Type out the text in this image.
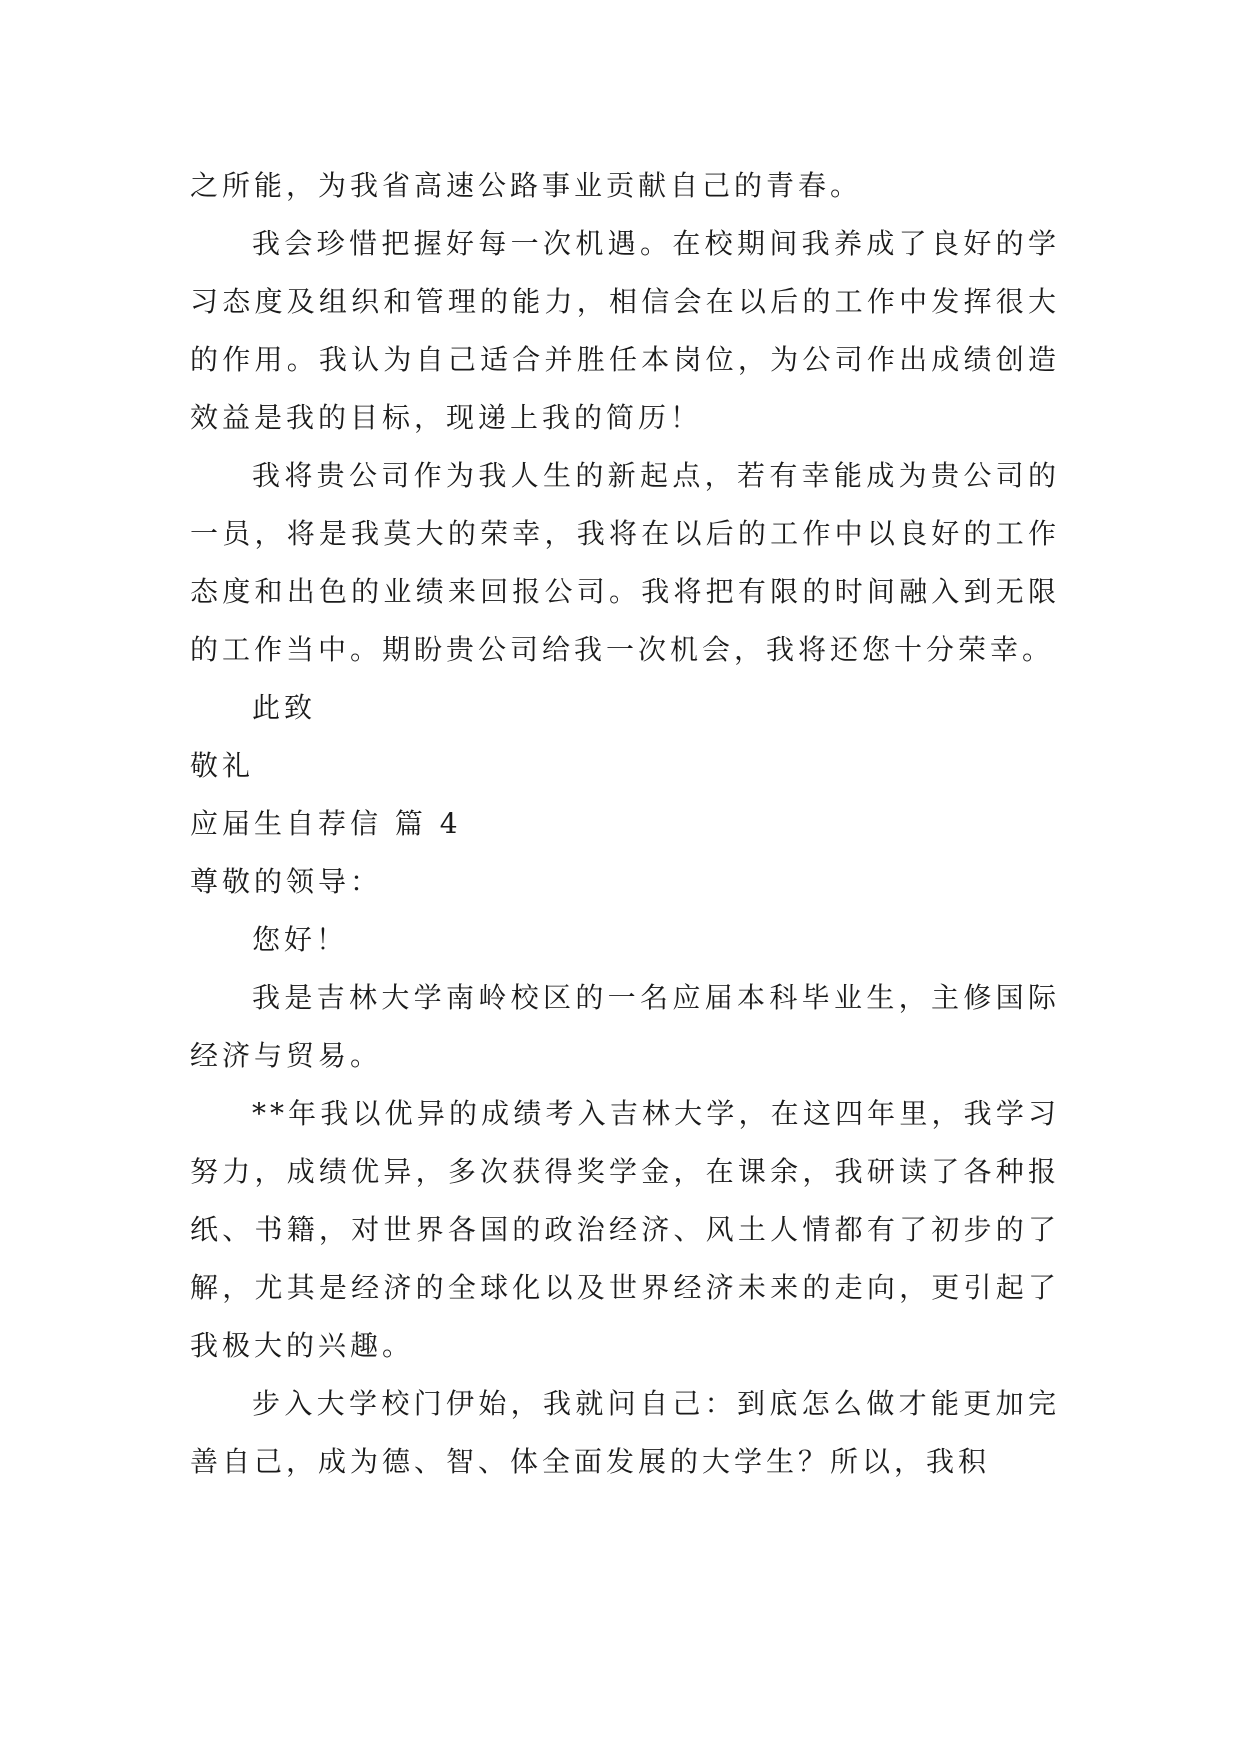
之所能，为我省高速公路事业贡献自己的青春。

我会珍惜把握好每一次机遇。在校期间我养成了良好的学习态度及组织和管理的能力，相信会在以后的工作中发挥很大的作用。我认为自己适合并胜任本岗位，为公司作出成绩创造效益是我的目标，现递上我的简历！

我将贵公司作为我人生的新起点，若有幸能成为贵公司的一员，将是我莫大的荣幸，我将在以后的工作中以良好的工作态度和出色的业绩来回报公司。我将把有限的时间融入到无限的工作当中。期盼贵公司给我一次机会，我将还您十分荣幸。

此致

敬礼

应届生自荐信 篇 4

尊敬的领导：

您好！

我是吉林大学南岭校区的一名应届本科毕业生，主修国际经济与贸易。

**年我以优异的成绩考入吉林大学，在这四年里，我学习努力，成绩优异，多次获得奖学金，在课余，我研读了各种报纸、书籍，对世界各国的政治经济、风土人情都有了初步的了解，尤其是经济的全球化以及世界经济未来的走向，更引起了我极大的兴趣。

步入大学校门伊始，我就问自己：到底怎么做才能更加完善自己，成为德、智、体全面发展的大学生？所以，我积
